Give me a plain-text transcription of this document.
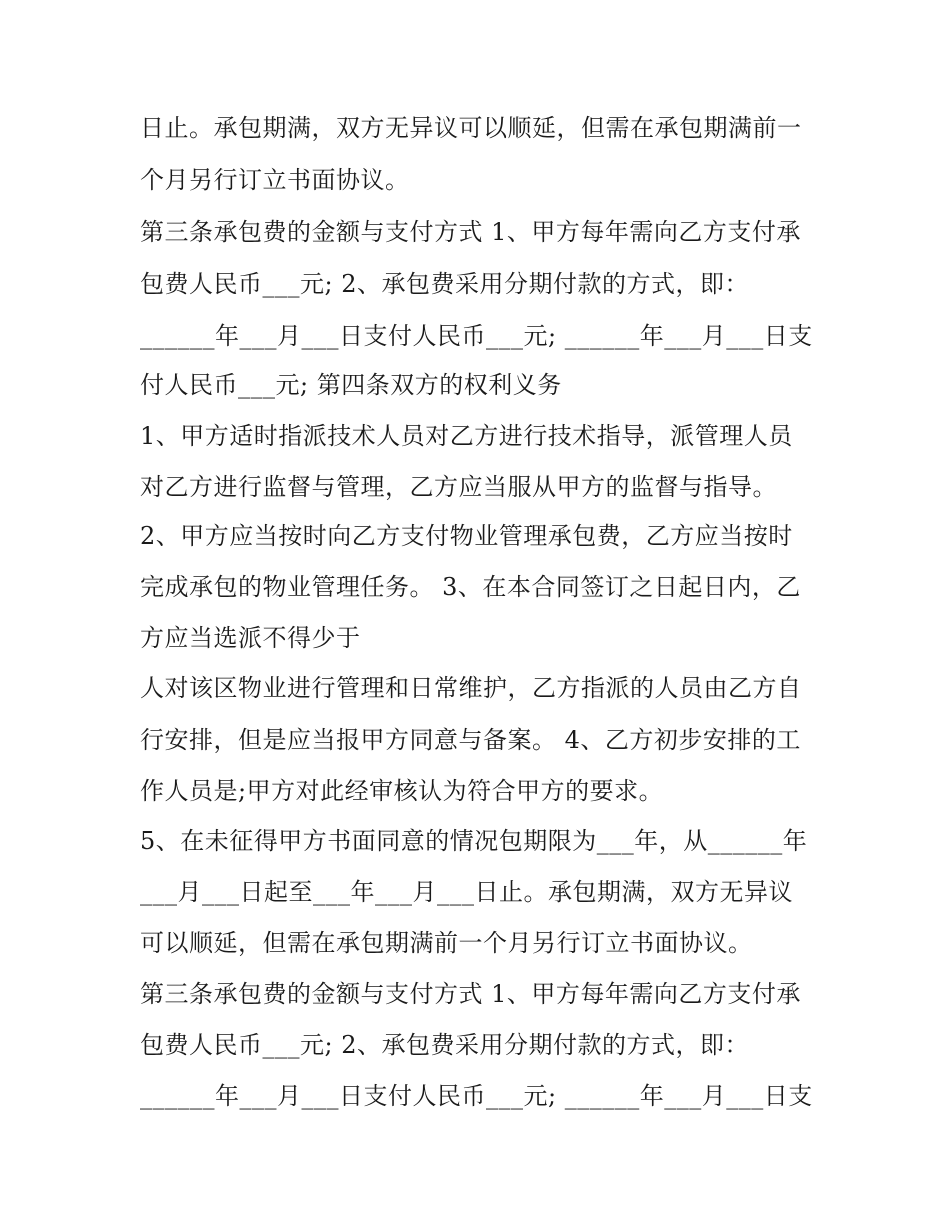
日止。承包期满，双方无异议可以顺延，但需在承包期满前一
个月另行订立书面协议。
第三条承包费的金额与支付方式 1、甲方每年需向乙方支付承
包费人民币___元; 2、承包费采用分期付款的方式，即：
______年___月___日支付人民币___元; ______年___月___日支
付人民币___元; 第四条双方的权利义务
1、甲方适时指派技术人员对乙方进行技术指导，派管理人员
对乙方进行监督与管理，乙方应当服从甲方的监督与指导。
2、甲方应当按时向乙方支付物业管理承包费，乙方应当按时
完成承包的物业管理任务。 3、在本合同签订之日起日内，乙
方应当选派不得少于
人对该区物业进行管理和日常维护，乙方指派的人员由乙方自
行安排，但是应当报甲方同意与备案。 4、乙方初步安排的工
作人员是;甲方对此经审核认为符合甲方的要求。
5、在未征得甲方书面同意的情况包期限为___年，从______年
___月___日起至___年___月___日止。承包期满，双方无异议
可以顺延，但需在承包期满前一个月另行订立书面协议。
第三条承包费的金额与支付方式 1、甲方每年需向乙方支付承
包费人民币___元; 2、承包费采用分期付款的方式，即：
______年___月___日支付人民币___元; ______年___月___日支
